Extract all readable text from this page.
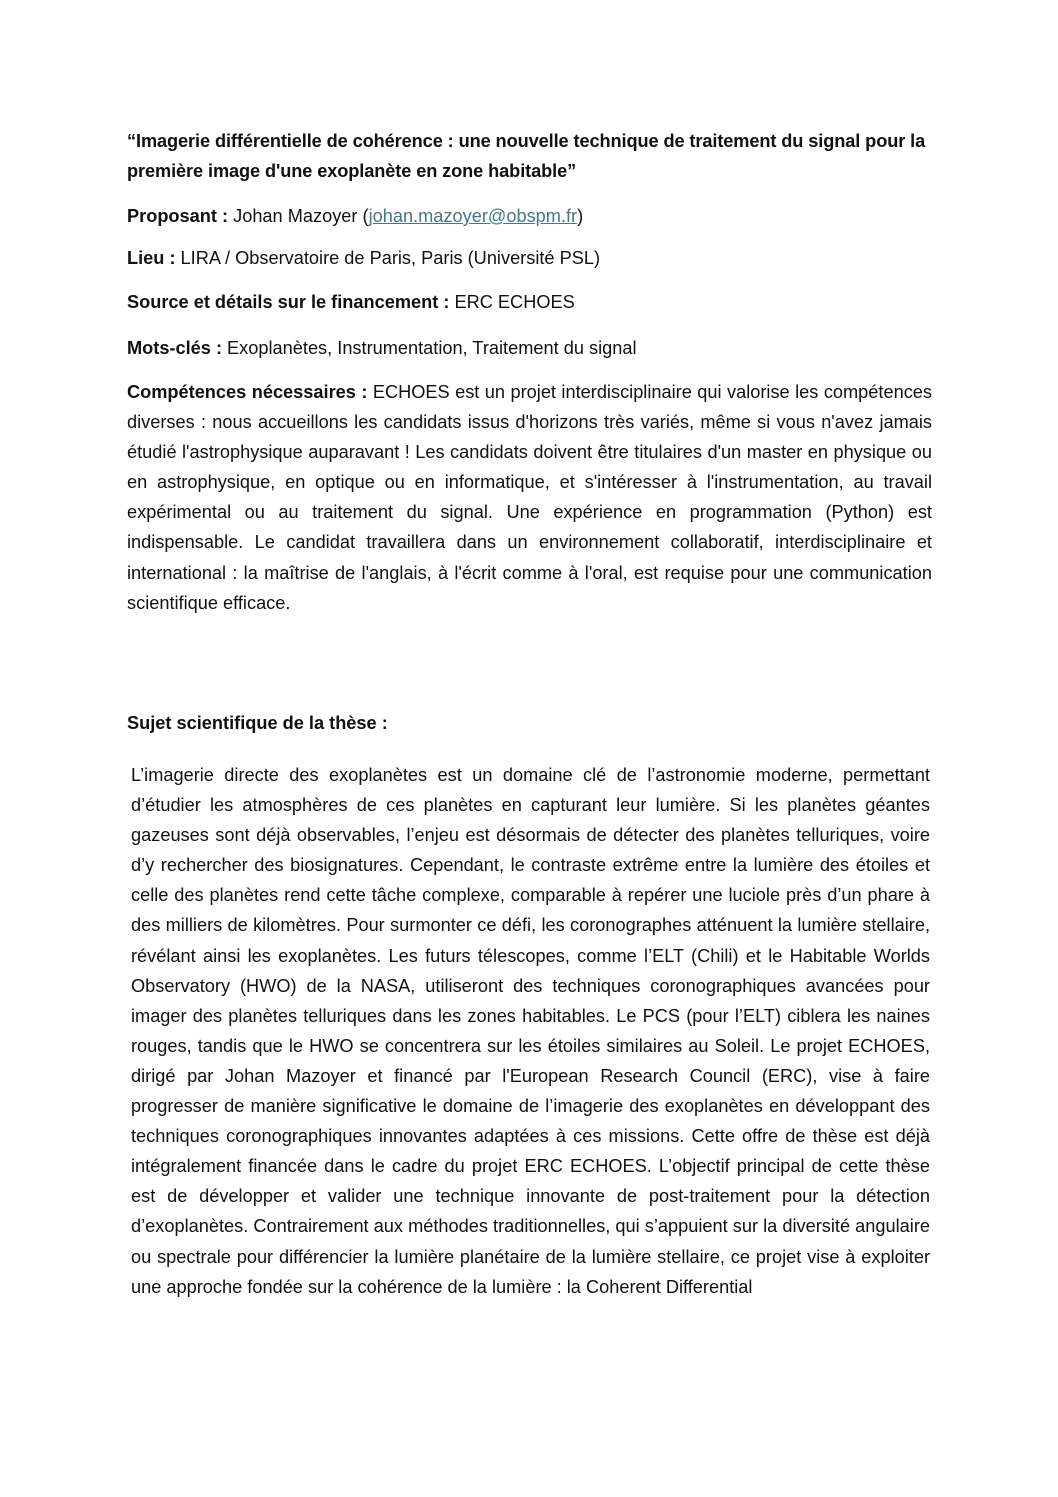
“Imagerie différentielle de cohérence : une nouvelle technique de traitement du signal pour la première image d'une exoplanète en zone habitable”
Proposant : Johan Mazoyer (johan.mazoyer@obspm.fr)
Lieu : LIRA / Observatoire de Paris, Paris (Université PSL)
Source et détails sur le financement : ERC ECHOES
Mots-clés : Exoplanètes, Instrumentation, Traitement du signal
Compétences nécessaires : ECHOES est un projet interdisciplinaire qui valorise les compétences diverses : nous accueillons les candidats issus d'horizons très variés, même si vous n'avez jamais étudié l'astrophysique auparavant ! Les candidats doivent être titulaires d'un master en physique ou en astrophysique, en optique ou en informatique, et s'intéresser à l'instrumentation, au travail expérimental ou au traitement du signal. Une expérience en programmation (Python) est indispensable. Le candidat travaillera dans un environnement collaboratif, interdisciplinaire et international : la maîtrise de l'anglais, à l'écrit comme à l'oral, est requise pour une communication scientifique efficace.
Sujet scientifique de la thèse :
L’imagerie directe des exoplanètes est un domaine clé de l’astronomie moderne, permettant d’étudier les atmosphères de ces planètes en capturant leur lumière. Si les planètes géantes gazeuses sont déjà observables, l’enjeu est désormais de détecter des planètes telluriques, voire d’y rechercher des biosignatures. Cependant, le contraste extrême entre la lumière des étoiles et celle des planètes rend cette tâche complexe, comparable à repérer une luciole près d’un phare à des milliers de kilomètres. Pour surmonter ce défi, les coronographes atténuent la lumière stellaire, révélant ainsi les exoplanètes. Les futurs télescopes, comme l’ELT (Chili) et le Habitable Worlds Observatory (HWO) de la NASA, utiliseront des techniques coronographiques avancées pour imager des planètes telluriques dans les zones habitables. Le PCS (pour l’ELT) ciblera les naines rouges, tandis que le HWO se concentrera sur les étoiles similaires au Soleil. Le projet ECHOES, dirigé par Johan Mazoyer et financé par l'European Research Council (ERC), vise à faire progresser de manière significative le domaine de l’imagerie des exoplanètes en développant des techniques coronographiques innovantes adaptées à ces missions. Cette offre de thèse est déjà intégralement financée dans le cadre du projet ERC ECHOES. L’objectif principal de cette thèse est de développer et valider une technique innovante de post-traitement pour la détection d’exoplanètes. Contrairement aux méthodes traditionnelles, qui s’appuient sur la diversité angulaire ou spectrale pour différencier la lumière planétaire de la lumière stellaire, ce projet vise à exploiter une approche fondée sur la cohérence de la lumière : la Coherent Differential
